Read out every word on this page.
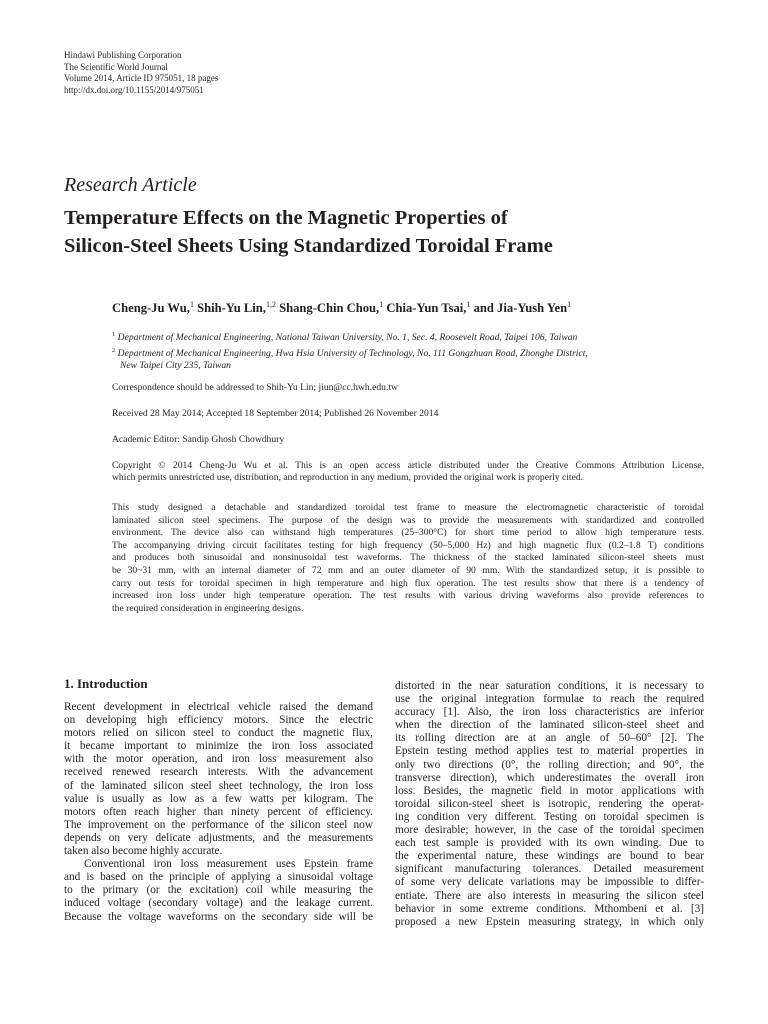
Hindawi Publishing Corporation
The Scientific World Journal
Volume 2014, Article ID 975051, 18 pages
http://dx.doi.org/10.1155/2014/975051
Research Article
Temperature Effects on the Magnetic Properties of
Silicon-Steel Sheets Using Standardized Toroidal Frame
Cheng-Ju Wu,$^1$ Shih-Yu Lin,$^{1,2}$ Shang-Chin Chou,$^1$ Chia-Yun Tsai,$^1$ and Jia-Yush Yen$^1$
$^1$ Department of Mechanical Engineering, National Taiwan University, No. 1, Sec. 4, Roosevelt Road, Taipei 106, Taiwan
$^2$ Department of Mechanical Engineering, Hwa Hsia University of Technology, No. 111 Gongzhuan Road, Zhonghe District,
New Taipei City 235, Taiwan
Correspondence should be addressed to Shih-Yu Lin; jiun@cc.hwh.edu.tw
Received 28 May 2014; Accepted 18 September 2014; Published 26 November 2014
Academic Editor: Sandip Ghosh Chowdhury
Copyright © 2014 Cheng-Ju Wu et al. This is an open access article distributed under the Creative Commons Attribution License,
which permits unrestricted use, distribution, and reproduction in any medium, provided the original work is properly cited.
This study designed a detachable and standardized toroidal test frame to measure the electromagnetic characteristic of toroidal
laminated silicon steel specimens. The purpose of the design was to provide the measurements with standardized and controlled
environment. The device also can withstand high temperatures (25–300°C) for short time period to allow high temperature tests.
The accompanying driving circuit facilitates testing for high frequency (50–5,000 Hz) and high magnetic flux (0.2–1.8 T) conditions
and produces both sinusoidal and nonsinusoidal test waveforms. The thickness of the stacked laminated silicon-steel sheets must
be 30~31 mm, with an internal diameter of 72 mm and an outer diameter of 90 mm. With the standardized setup, it is possible to
carry out tests for toroidal specimen in high temperature and high flux operation. The test results show that there is a tendency of
increased iron loss under high temperature operation. The test results with various driving waveforms also provide references to
the required consideration in engineering designs.
1. Introduction
Recent development in electrical vehicle raised the demand
on developing high efficiency motors. Since the electric
motors relied on silicon steel to conduct the magnetic flux,
it became important to minimize the iron loss associated
with the motor operation, and iron loss measurement also
received renewed research interests. With the advancement
of the laminated silicon steel sheet technology, the iron loss
value is usually as low as a few watts per kilogram. The
motors often reach higher than ninety percent of efficiency.
The improvement on the performance of the silicon steel now
depends on very delicate adjustments, and the measurements
taken also become highly accurate.
Conventional iron loss measurement uses Epstein frame
and is based on the principle of applying a sinusoidal voltage
to the primary (or the excitation) coil while measuring the
induced voltage (secondary voltage) and the leakage current.
Because the voltage waveforms on the secondary side will be
distorted in the near saturation conditions, it is necessary to
use the original integration formulae to reach the required
accuracy [1]. Also, the iron loss characteristics are inferior
when the direction of the laminated silicon-steel sheet and
its rolling direction are at an angle of 50–60° [2]. The
Epstein testing method applies test to material properties in
only two directions (0°, the rolling direction; and 90°, the
transverse direction), which underestimates the overall iron
loss. Besides, the magnetic field in motor applications with
toroidal silicon-steel sheet is isotropic, rendering the operat-
ing condition very different. Testing on toroidal specimen is
more desirable; however, in the case of the toroidal specimen
each test sample is provided with its own winding. Due to
the experimental nature, these windings are bound to bear
significant manufacturing tolerances. Detailed measurement
of some very delicate variations may be impossible to differ-
entiate. There are also interests in measuring the silicon steel
behavior in some extreme conditions. Mthombeni et al. [3]
proposed a new Epstein measuring strategy, in which only
